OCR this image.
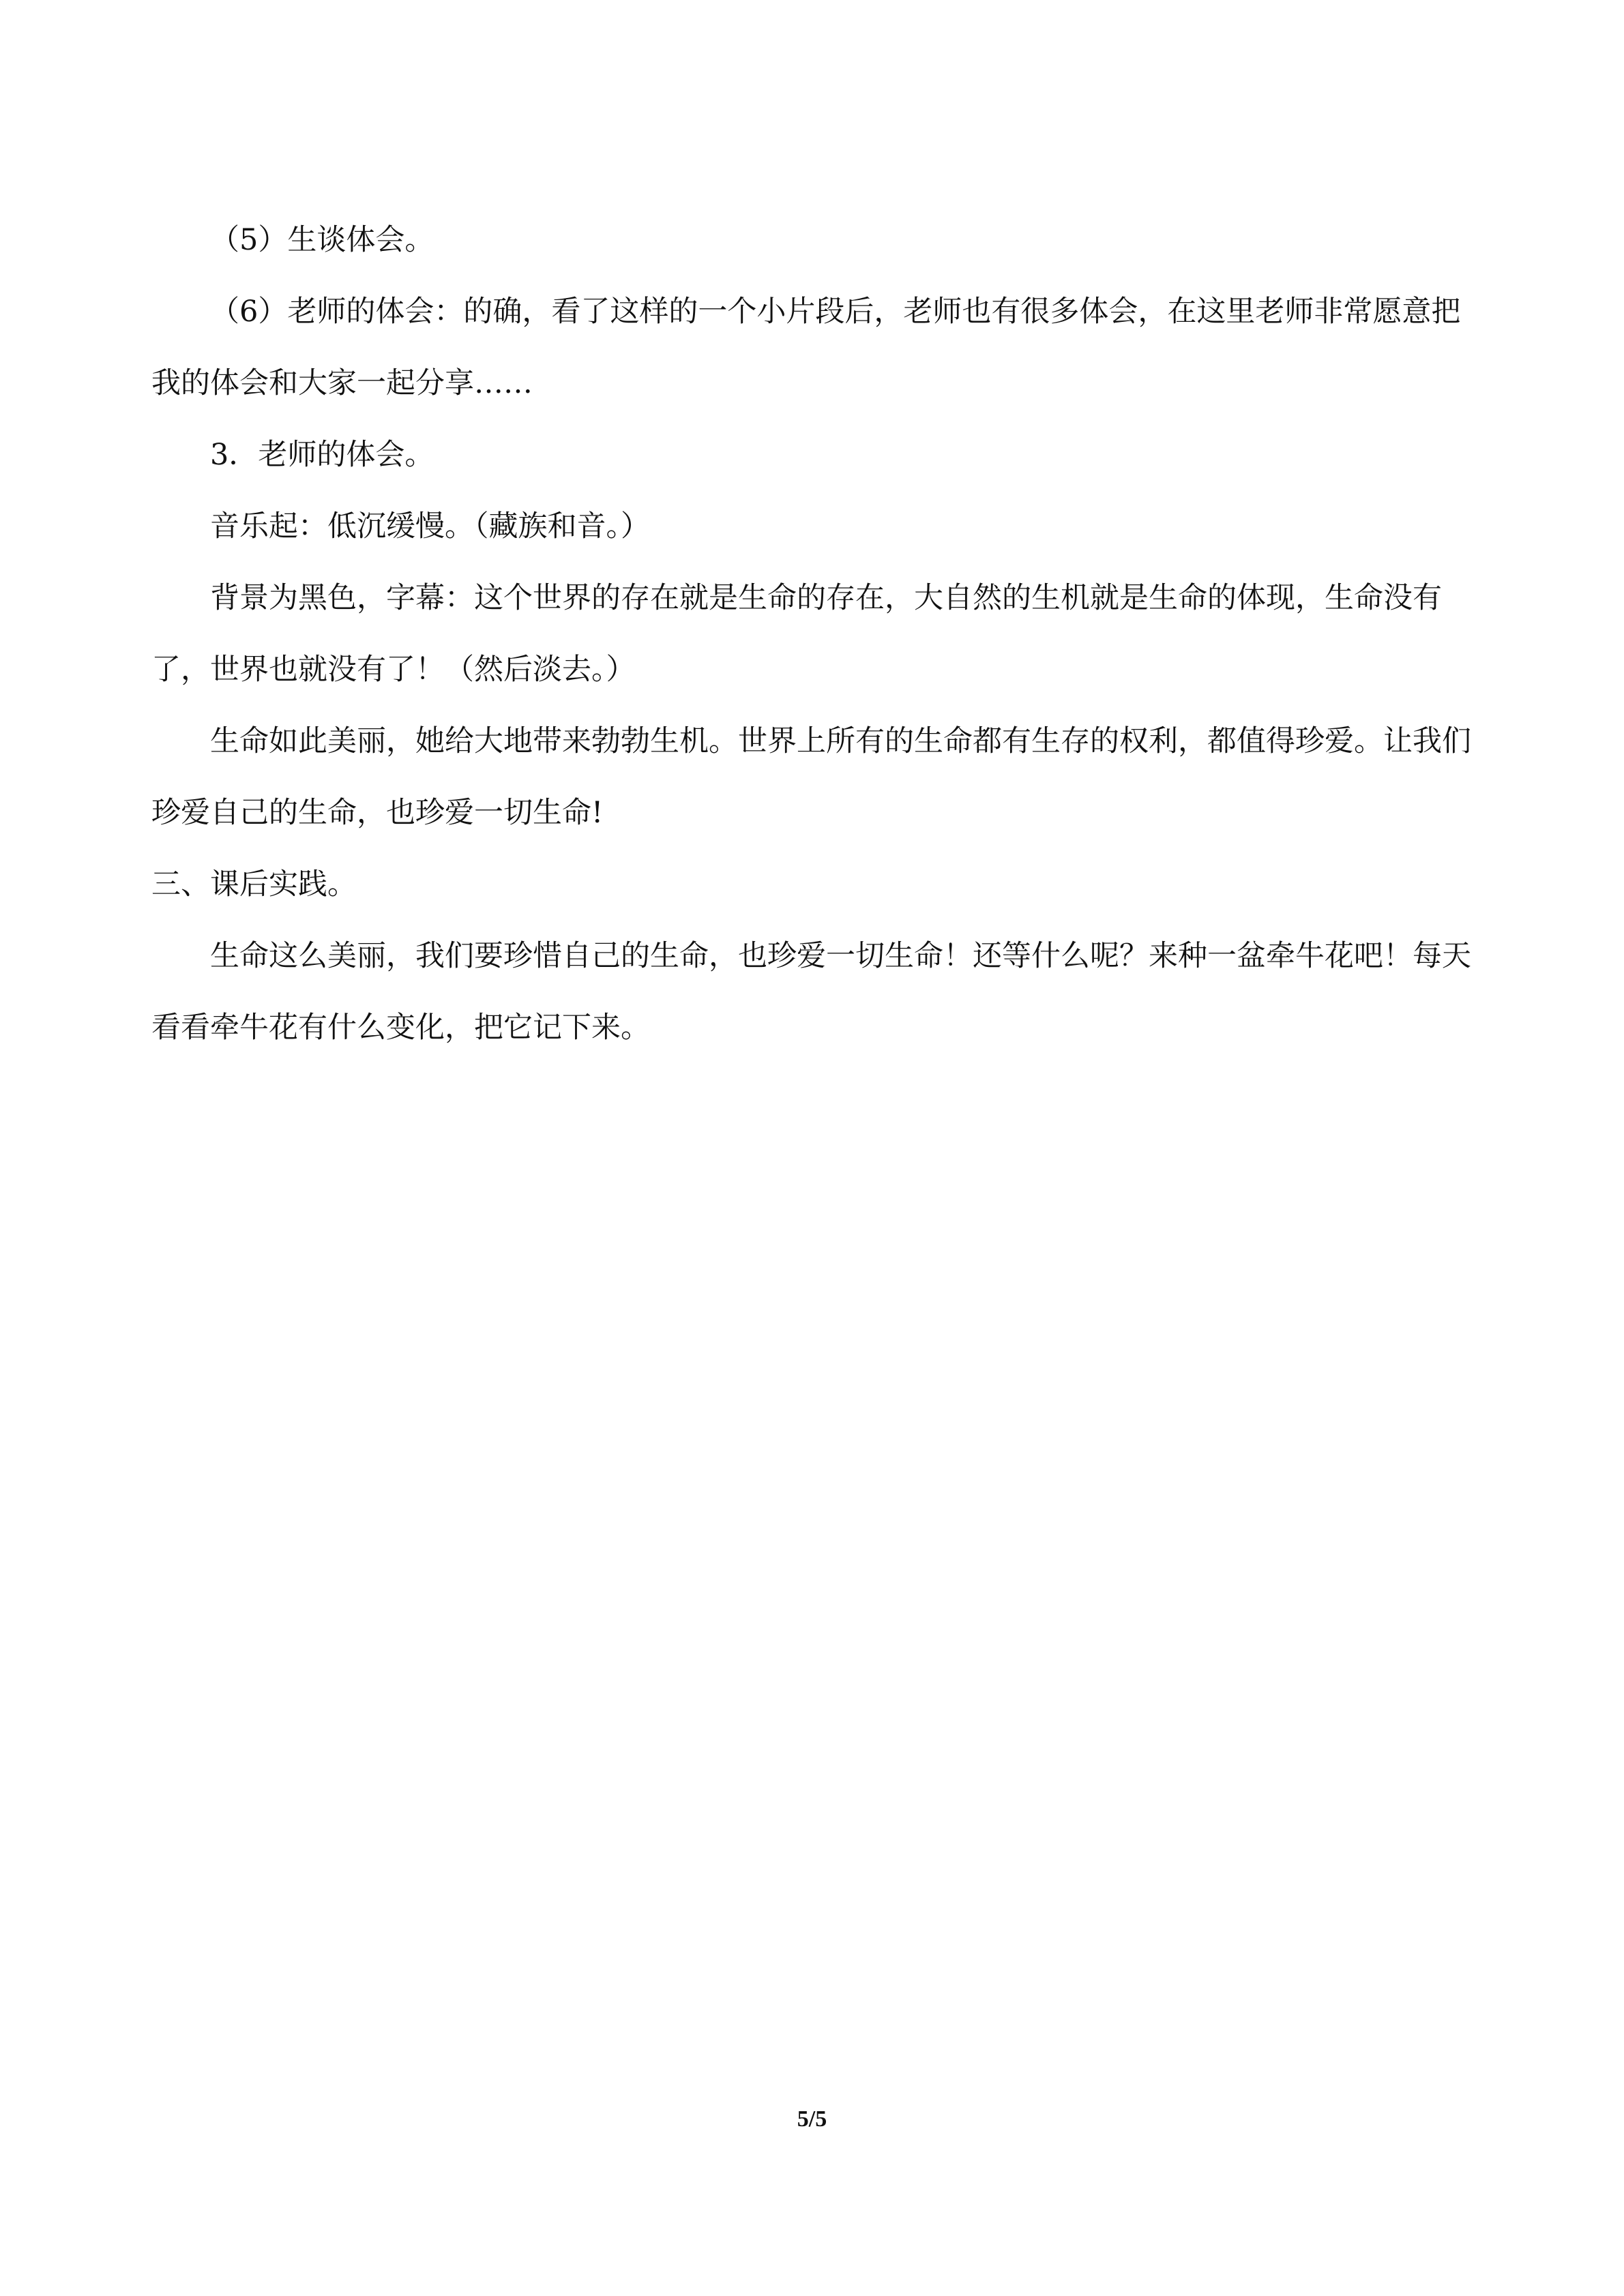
（5）生谈体会。

（6）老师的体会：的确，看了这样的一个小片段后，老师也有很多体会，在这里老师非常愿意把我的体会和大家一起分享……

3．老师的体会。

音乐起：低沉缓慢。（藏族和音。）

背景为黑色，字幕：这个世界的存在就是生命的存在，大自然的生机就是生命的体现，生命没有了，世界也就没有了！（然后淡去。）

生命如此美丽，她给大地带来勃勃生机。世界上所有的生命都有生存的权利，都值得珍爱。让我们珍爱自己的生命，也珍爱一切生命!

三、课后实践。

生命这么美丽，我们要珍惜自己的生命，也珍爱一切生命！还等什么呢？来种一盆牵牛花吧！每天看看牵牛花有什么变化，把它记下来。

5/5
